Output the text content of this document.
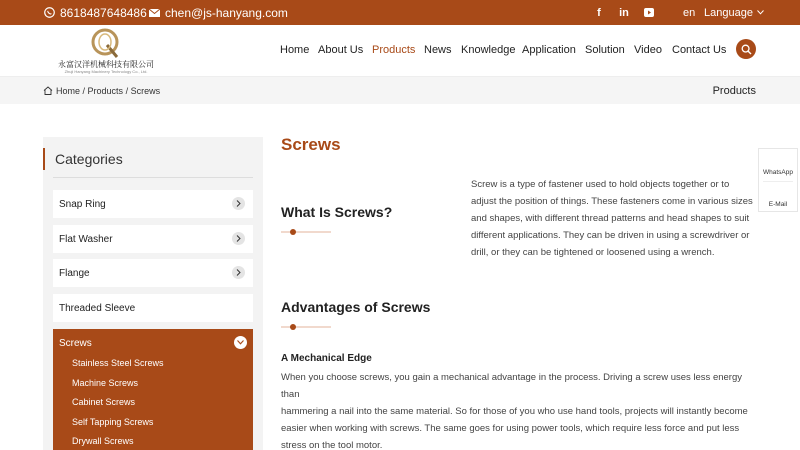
8618487648486 chen@js-hanyang.com	f	in	en Language
永富汉洋机械科技有限公司
Zhuji Hanyang Machinery Technology Co., Ltd.
Home About Us Products News Knowledge Application Solution Video Contact Us
Home / Products / Screws	Products
Categories
Snap Ring
Flat Washer
Flange
Threaded Sleeve
Screws
Stainless Steel Screws
Machine Screws
Cabinet Screws
Self Tapping Screws
Drywall Screws
Screws
What Is Screws?
Screw is a type of fastener used to hold objects together or to
adjust the position of things. These fasteners come in various sizes
and shapes, with different thread patterns and head shapes to suit
different applications. They can be driven in using a screwdriver or
drill, or they can be tightened or loosened using a wrench.
Advantages of Screws
A Mechanical Edge
When you choose screws, you gain a mechanical advantage in the process. Driving a screw uses less energy than
hammering a nail into the same material. So for those of you who use hand tools, projects will instantly become
easier when working with screws. The same goes for using power tools, which require less force and put less
stress on the tool motor.
WhatsApp
E-Mail
